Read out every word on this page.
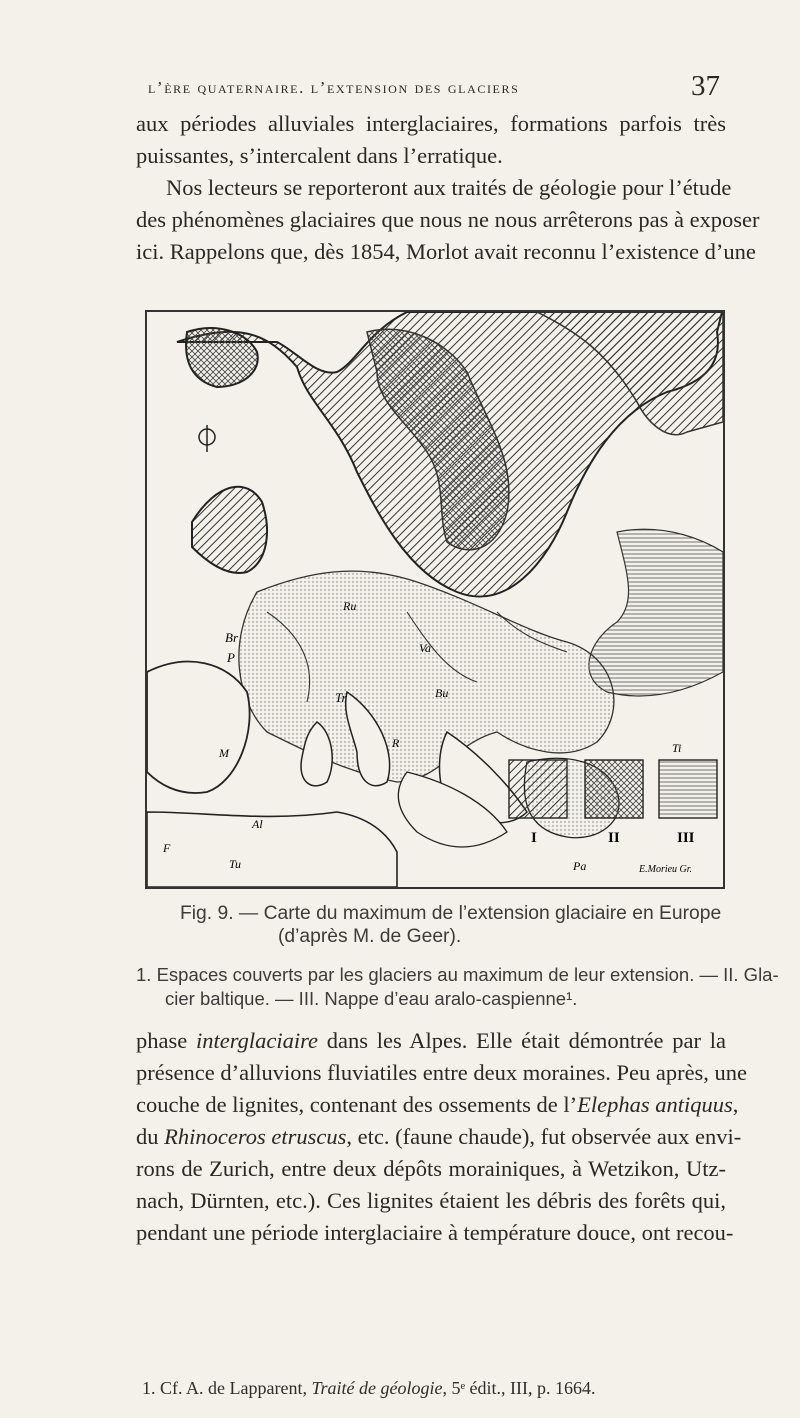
l’ère quaternaire. l’extension des glaciers	37
aux périodes alluviales interglaciaires, formations parfois très
puissantes, s’intercalent dans l’erratique.
Nos lecteurs se reporteront aux traités de géologie pour l’étude
des phénomènes glaciaires que nous ne nous arrêterons pas à exposer
ici. Rappelons que, dès 1854, Morlot avait reconnu l’existence d’une
Br
P
M
Tr
Ru
Bu
R	Ti
Al
F
Tu	Pa
Va
I	II	III
E.Morieu Gr.
Fig. 9. — Carte du maximum de l’extension glaciaire en Europe
(d’après M. de Geer).
1. Espaces couverts par les glaciers au maximum de leur extension. — II. Gla-
cier baltique. — III. Nappe d’eau aralo-caspienne¹.
phase interglaciaire dans les Alpes. Elle était démontrée par la
présence d’alluvions fluviatiles entre deux moraines. Peu après, une
couche de lignites, contenant des ossements de l’Elephas antiquus,
du Rhinoceros etruscus, etc. (faune chaude), fut observée aux envi-
rons de Zurich, entre deux dépôts morainiques, à Wetzikon, Utz-
nach, Dürnten, etc.). Ces lignites étaient les débris des forêts qui,
pendant une période interglaciaire à température douce, ont recou-
1. Cf. A. de Lapparent, Traité de géologie, 5ᵉ édit., III, p. 1664.
